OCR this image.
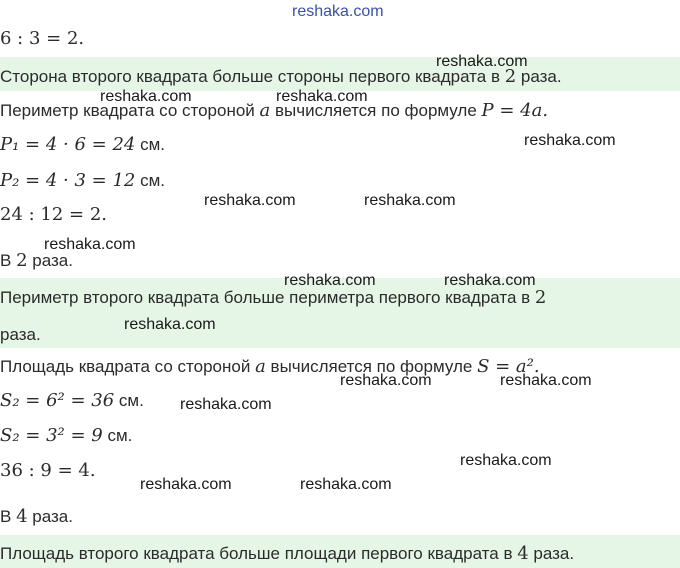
6 : 3 = 2.
Сторона второго квадрата больше стороны первого квадрата в 2 раза.
Периметр квадрата со стороной a вычисляется по формуле P = 4a.
P₁ = 4 · 6 = 24 см.
P₂ = 4 · 3 = 12 см.
24 : 12 = 2.
В 2 раза.
Периметр второго квадрата больше периметра первого квадрата в 2
раза.
Площадь квадрата со стороной a вычисляется по формуле S = a².
S₂ = 6² = 36 см.
S₂ = 3² = 9 см.
36 : 9 = 4.
В 4 раза.
Площадь второго квадрата больше площади первого квадрата в 4 раза.
reshaka.com
reshaka.com
reshaka.com	reshaka.com
reshaka.com
reshaka.com	reshaka.com
reshaka.com
reshaka.com	reshaka.com
reshaka.com
reshaka.com	reshaka.com
reshaka.com
reshaka.com
reshaka.com	reshaka.com
